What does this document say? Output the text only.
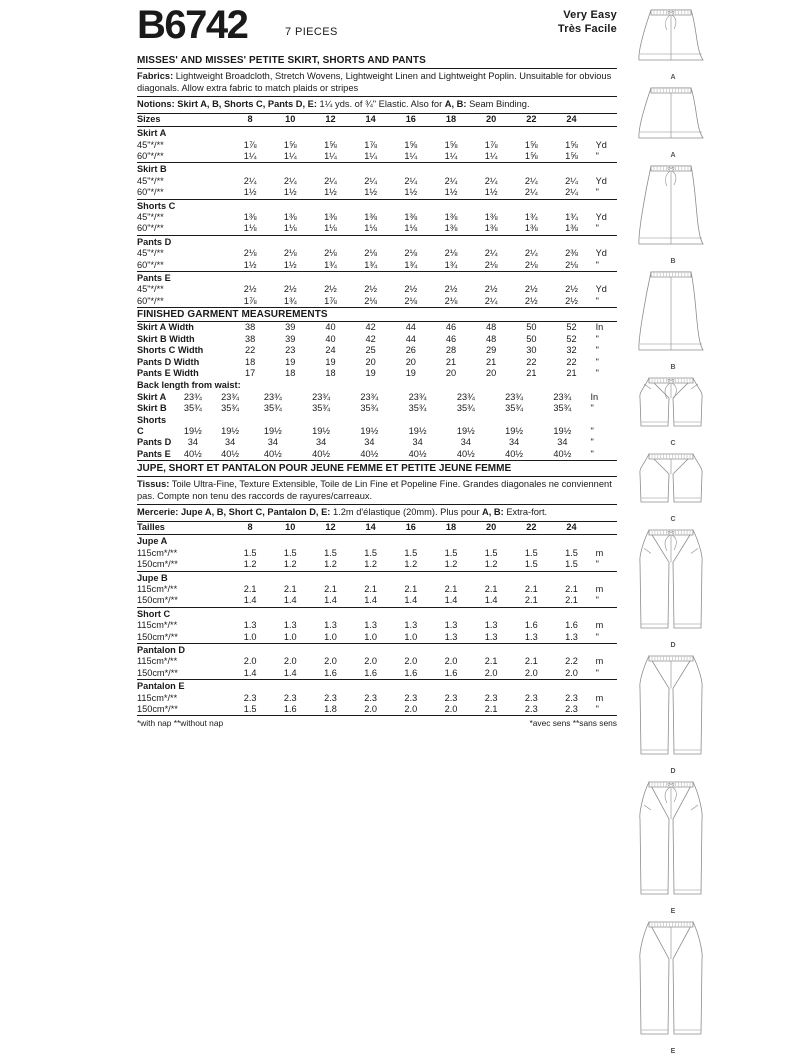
B6742	7 PIECES
Very Easy
Très Facile
MISSES' AND MISSES' PETITE SKIRT, SHORTS AND PANTS
Fabrics: Lightweight Broadcloth, Stretch Wovens, Lightweight Linen and Lightweight Poplin. Unsuitable for obvious diagonals. Allow extra fabric to match plaids or stripes
Notions: Skirt A, B, Shorts C, Pants D, E: 1¼ yds. of ¾" Elastic. Also for A, B: Seam Binding.
Sizes	8	10	12	14	16	18	20	22	24	
Skirt A										
45"*/**	1⅞	1⅝	1⅝	1⅞	1⅝	1⅝	1⅞	1⅝	1⅝	Yd
60"*/**	1¼	1¼	1¼	1¼	1¼	1¼	1¼	1⅝	1⅝	"
Skirt B										
45"*/**	2¼	2¼	2¼	2¼	2¼	2¼	2¼	2¼	2¼	Yd
60"*/**	1½	1½	1½	1½	1½	1½	1½	2¼	2¼	"
Shorts C										
45"*/**	1⅜	1⅜	1⅜	1⅜	1⅜	1⅜	1⅜	1¾	1¾	Yd
60"*/**	1⅛	1⅛	1⅛	1⅛	1⅛	1⅜	1⅜	1⅜	1⅜	"
Pants D										
45"*/**	2⅛	2⅛	2⅛	2⅛	2⅛	2⅛	2¼	2¼	2⅜	Yd
60"*/**	1½	1½	1¾	1¾	1¾	1¾	2⅛	2⅛	2⅛	"
Pants E										
45"*/**	2½	2½	2½	2½	2½	2½	2½	2½	2½	Yd
60"*/**	1⅞	1¾	1⅞	2⅛	2⅛	2⅛	2¼	2½	2½	"
FINISHED GARMENT MEASUREMENTS
Skirt A Width	38	39	40	42	44	46	48	50	52	In
Skirt B Width	38	39	40	42	44	46	48	50	52	"
Shorts C Width	22	23	24	25	26	28	29	30	32	"
Pants D Width	18	19	19	20	20	21	21	22	22	"
Pants E Width	17	18	18	19	19	20	20	21	21	"
Back length from waist:										
Skirt A	23¾	23¾	23¾	23¾	23¾	23¾	23¾	23¾	23¾	In
Skirt B	35¾	35¾	35¾	35¾	35¾	35¾	35¾	35¾	35¾	"
Shorts C	19½	19½	19½	19½	19½	19½	19½	19½	19½	"
Pants D	34	34	34	34	34	34	34	34	34	"
Pants E	40½	40½	40½	40½	40½	40½	40½	40½	40½	"
JUPE, SHORT ET PANTALON POUR JEUNE FEMME ET PETITE JEUNE FEMME
Tissus: Toile Ultra-Fine, Texture Extensible, Toile de Lin Fine et Popeline Fine. Grandes diagonales ne conviennent pas. Compte non tenu des raccords de rayures/carreaux.
Mercerie: Jupe A, B, Short C, Pantalon D, E: 1.2m d'élastique (20mm). Plus pour A, B: Extra-fort.
Tailles	8	10	12	14	16	18	20	22	24	
Jupe A										
115cm*/**	1.5	1.5	1.5	1.5	1.5	1.5	1.5	1.5	1.5	m
150cm*/**	1.2	1.2	1.2	1.2	1.2	1.2	1.2	1.5	1.5	"
Jupe B										
115cm*/**	2.1	2.1	2.1	2.1	2.1	2.1	2.1	2.1	2.1	m
150cm*/**	1.4	1.4	1.4	1.4	1.4	1.4	1.4	2.1	2.1	"
Short C										
115cm*/**	1.3	1.3	1.3	1.3	1.3	1.3	1.3	1.6	1.6	m
150cm*/**	1.0	1.0	1.0	1.0	1.0	1.3	1.3	1.3	1.3	"
Pantalon D										
115cm*/**	2.0	2.0	2.0	2.0	2.0	2.0	2.1	2.1	2.2	m
150cm*/**	1.4	1.4	1.6	1.6	1.6	1.6	2.0	2.0	2.0	"
Pantalon E										
115cm*/**	2.3	2.3	2.3	2.3	2.3	2.3	2.3	2.3	2.3	m
150cm*/**	1.5	1.6	1.8	2.0	2.0	2.0	2.1	2.3	2.3	"
*with nap **without nap	*avec sens **sans sens
A
A
B
B
C
C
D
D
E
E
